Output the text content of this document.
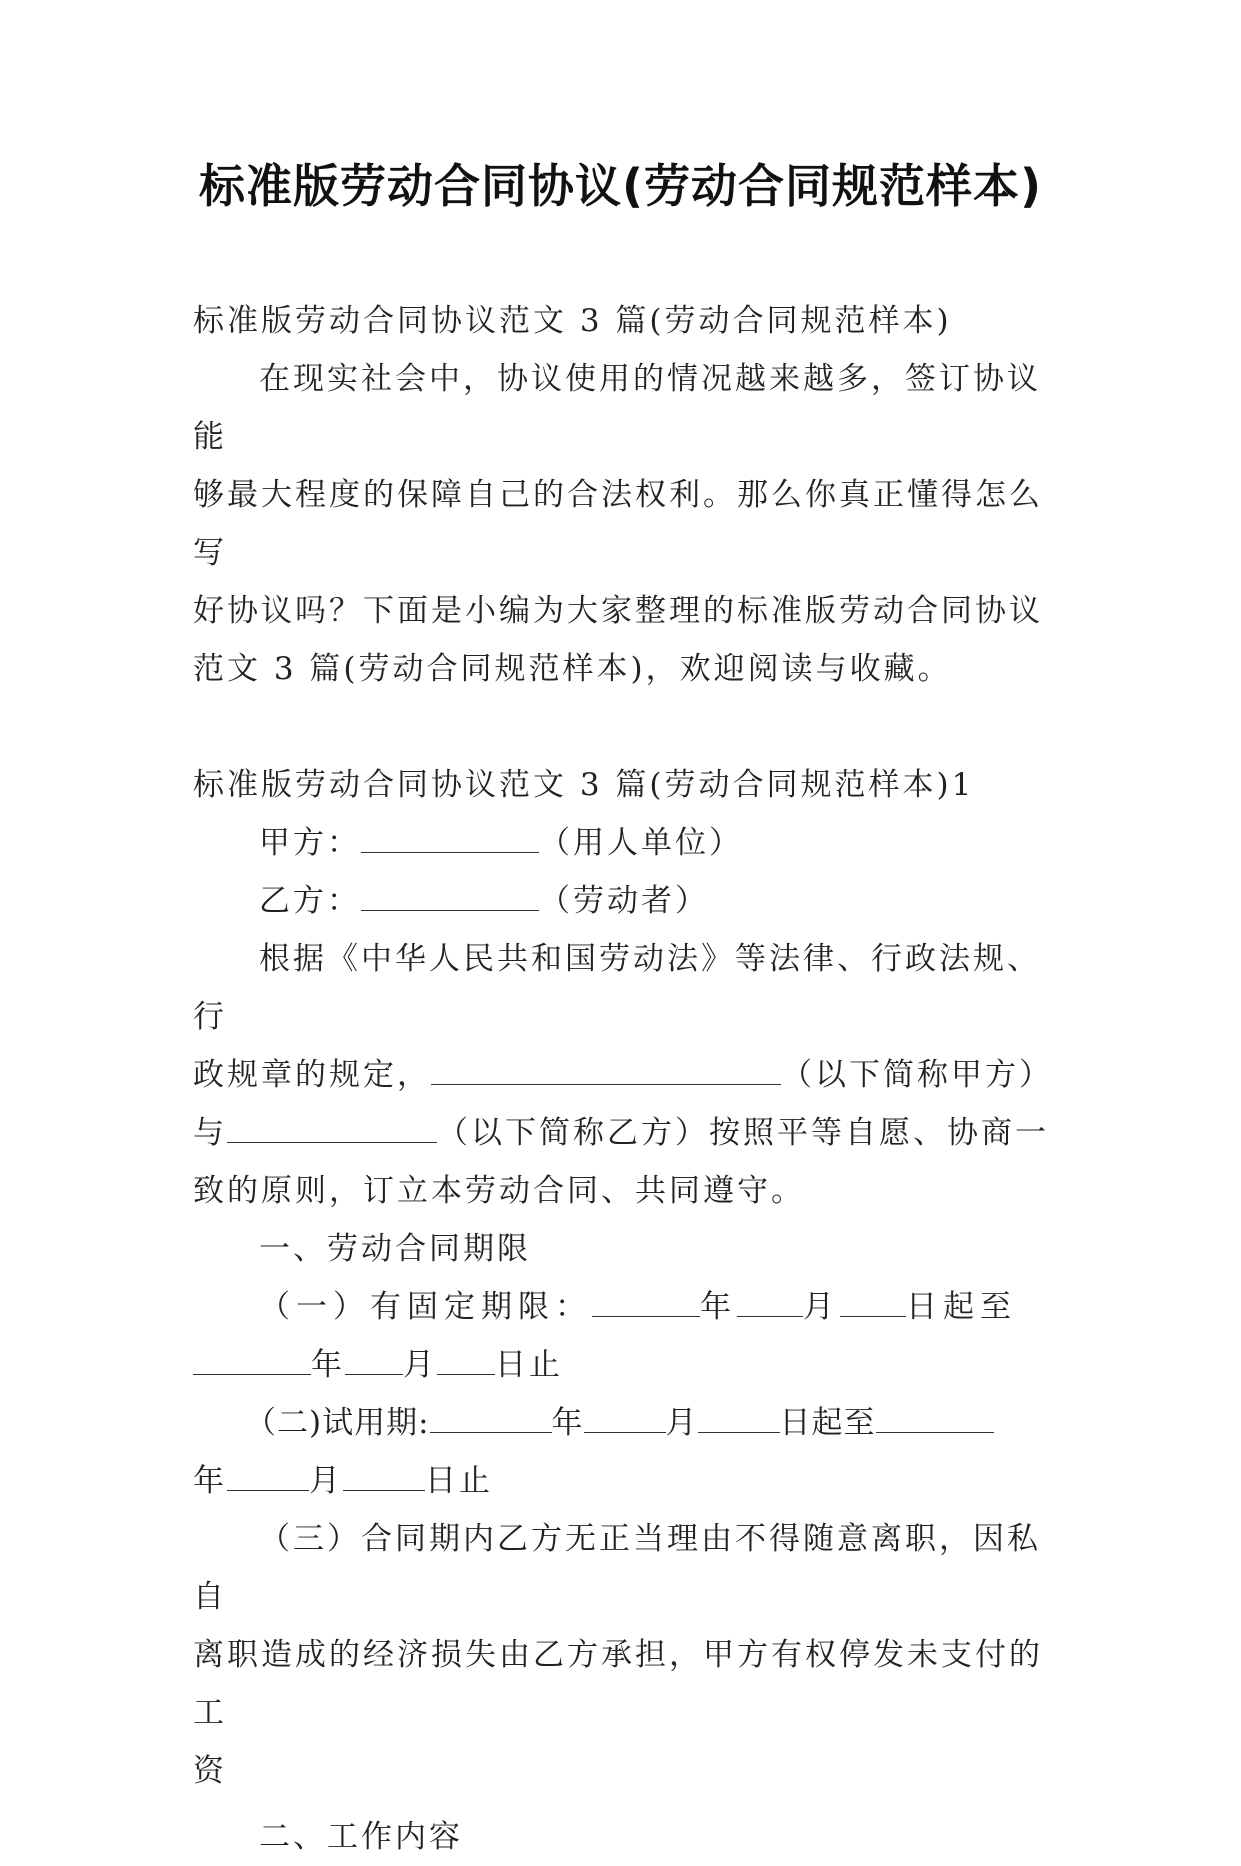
标准版劳动合同协议(劳动合同规范样本)

标准版劳动合同协议范文 3 篇(劳动合同规范样本)

在现实社会中，协议使用的情况越来越多，签订协议能

够最大程度的保障自己的合法权利。那么你真正懂得怎么写

好协议吗？下面是小编为大家整理的标准版劳动合同协议

范文 3 篇(劳动合同规范样本)，欢迎阅读与收藏。

标准版劳动合同协议范文 3 篇(劳动合同规范样本)1

甲方：	（用人单位）

乙方：	（劳动者）

根据《中华人民共和国劳动法》等法律、行政法规、行

政规章的规定，	（以下简称甲方）

与	（以下简称乙方）按照平等自愿、协商一

致的原则，订立本劳动合同、共同遵守。

一、劳动合同期限

（一）有固定期限：	年 月 日起至

年 月 日止

（二)试用期:	年	月	日起至

年	月	日止

（三）合同期内乙方无正当理由不得随意离职，因私自

离职造成的经济损失由乙方承担，甲方有权停发未支付的工

资

二、工作内容
